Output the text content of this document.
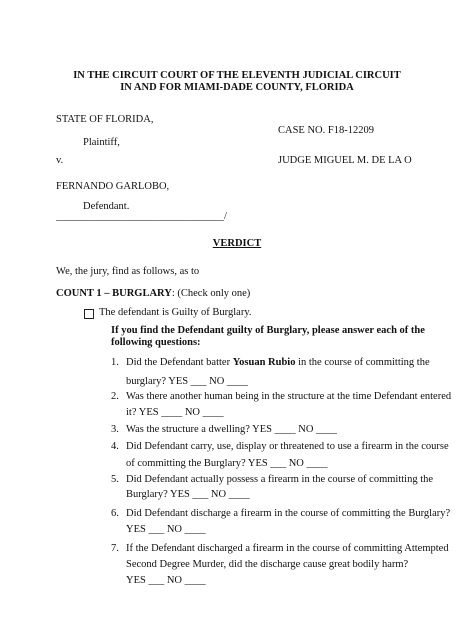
IN THE CIRCUIT COURT OF THE ELEVENTH JUDICIAL CIRCUIT
IN AND FOR MIAMI-DADE COUNTY, FLORIDA
STATE OF FLORIDA,
Plaintiff,
v.
FERNANDO GARLOBO,
Defendant.
________________________________/
CASE NO. F18-12209
JUDGE MIGUEL M. DE LA O
VERDICT
We, the jury, find as follows, as to
COUNT 1 – BURGLARY: (Check only one)
The defendant is Guilty of Burglary.
If you find the Defendant guilty of Burglary, please answer each of the
following questions:
1. Did the Defendant batter Yosuan Rubio in the course of committing the
burglary? YES ___ NO ____
2. Was there another human being in the structure at the time Defendant entered
it? YES ____ NO ____
3. Was the structure a dwelling? YES ____ NO ____
4. Did Defendant carry, use, display or threatened to use a firearm in the course
of committing the Burglary? YES ___ NO ____
5. Did Defendant actually possess a firearm in the course of committing the
Burglary? YES ___ NO ____
6. Did Defendant discharge a firearm in the course of committing the Burglary?
YES ___ NO ____
7. If the Defendant discharged a firearm in the course of committing Attempted
Second Degree Murder, did the discharge cause great bodily harm?
YES ___ NO ____
